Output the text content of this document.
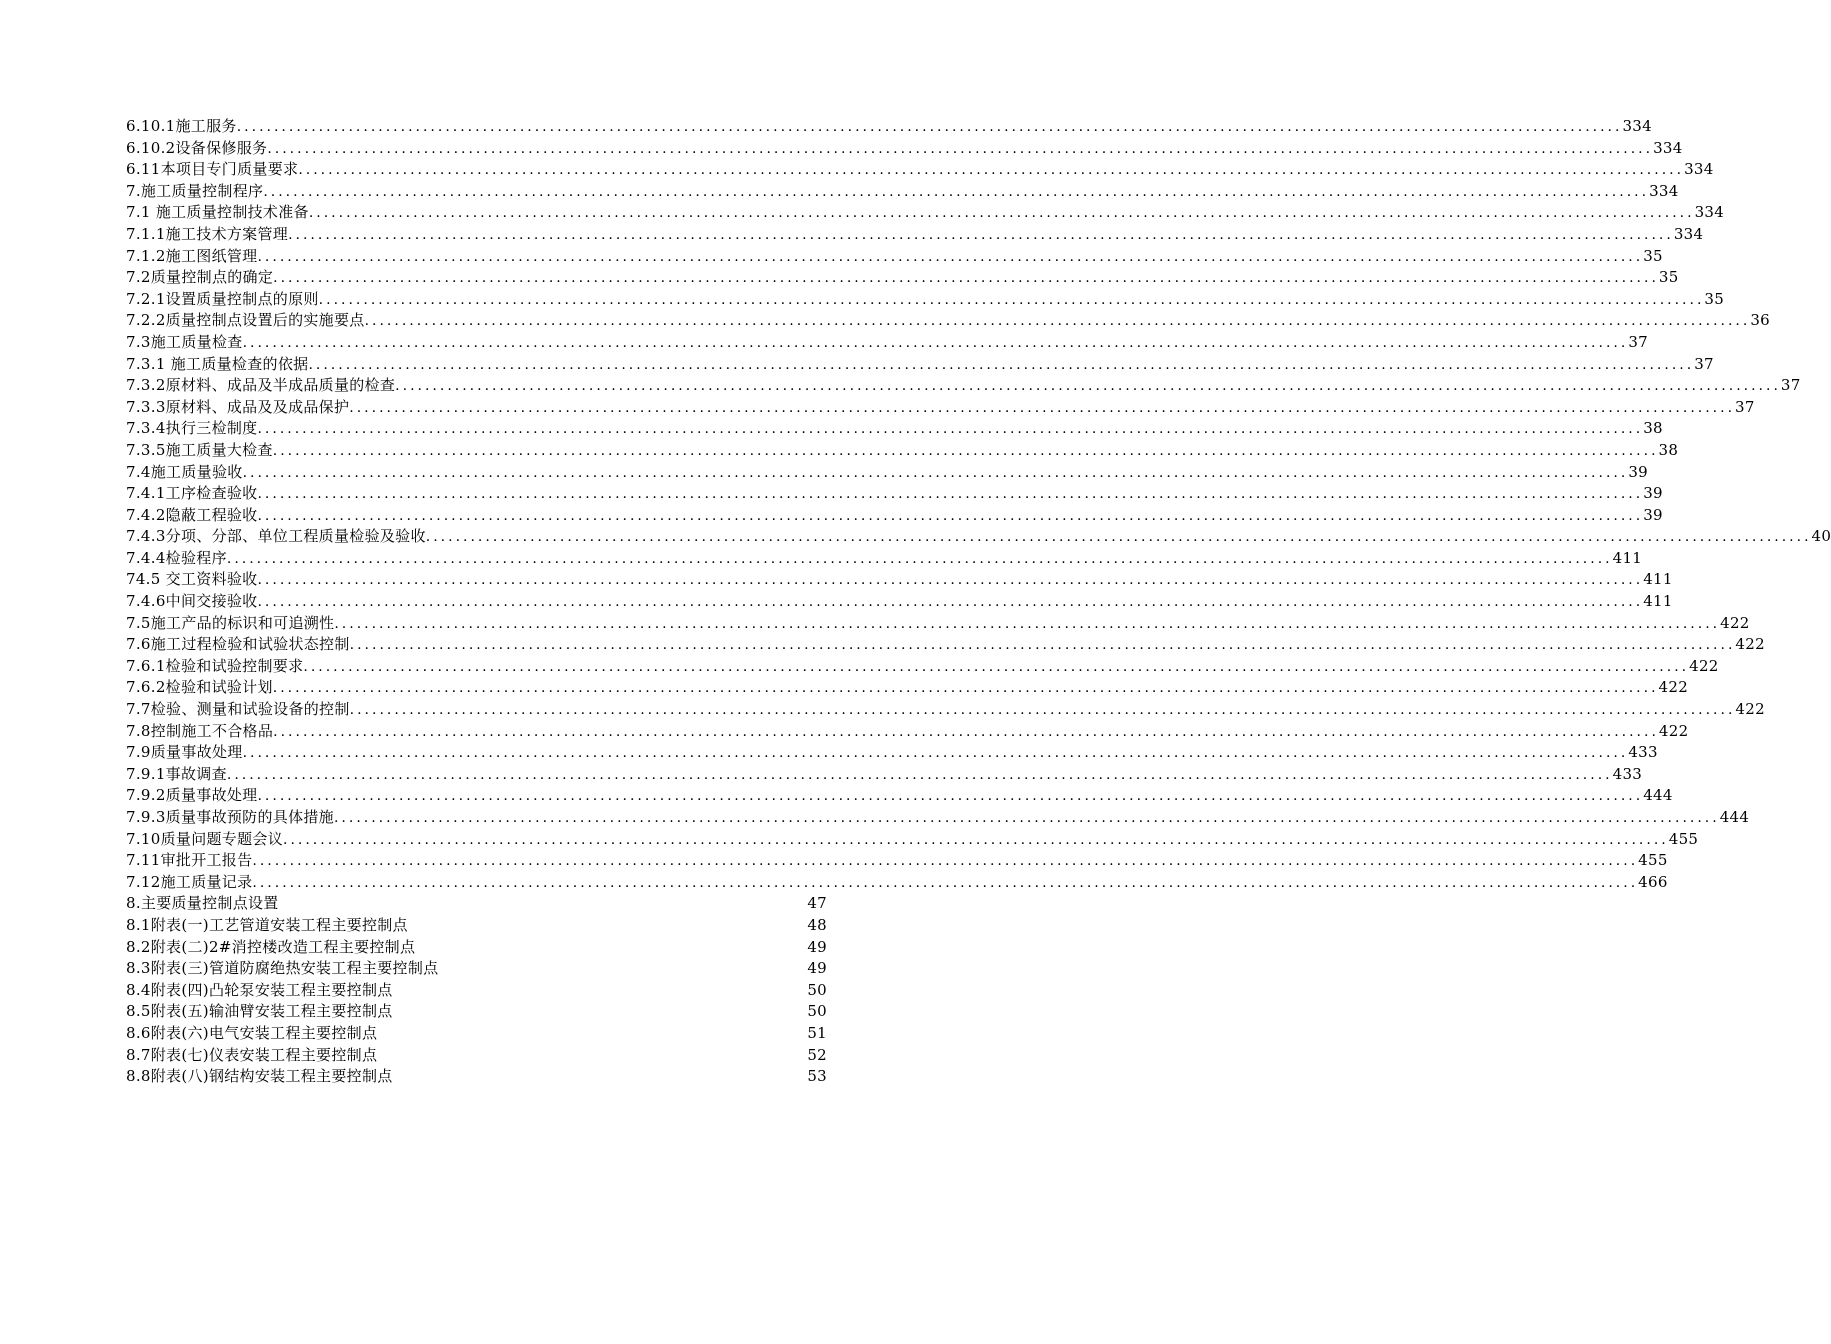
6.10.1施工服务 .....	334
6.10.2设备保修服务 .....	334
6.11本项目专门质量要求 .....	334
7.施工质量控制程序 .....	334
7.1 施工质量控制技术准备 .....	334
7.1.1施工技术方案管理 .....	334
7.1.2施工图纸管理 .....	35
7.2质量控制点的确定 .....	35
7.2.1设置质量控制点的原则 .....	35
7.2.2质量控制点设置后的实施要点 .....	36
7.3施工质量检查 .....	37
7.3.1 施工质量检查的依据 .....	37
7.3.2原材料、成品及半成品质量的检查 .....	37
7.3.3原材料、成品及及成品保护 .....	37
7.3.4执行三检制度 .....	38
7.3.5施工质量大检查 .....	38
7.4施工质量验收 .....	39
7.4.1工序检查验收 .....	39
7.4.2隐蔽工程验收 .....	39
7.4.3分项、分部、单位工程质量检验及验收 .....	40
7.4.4检验程序 .....	411
74.5 交工资料验收 .....	411
7.4.6中间交接验收 .....	411
7.5施工产品的标识和可追溯性 .....	422
7.6施工过程检验和试验状态控制 .....	422
7.6.1检验和试验控制要求 .....	422
7.6.2检验和试验计划 .....	422
7.7检验、测量和试验设备的控制 .....	422
7.8控制施工不合格品 .....	422
7.9质量事故处理 .....	433
7.9.1事故调查 .....	433
7.9.2质量事故处理 .....	444
7.9.3质量事故预防的具体措施 .....	444
7.10质量问题专题会议 .....	455
7.11审批开工报告 .....	455
7.12施工质量记录 .....	466
8.主要质量控制点设置	47
8.1附表(一)工艺管道安装工程主要控制点	48
8.2附表(二)2#消控楼改造工程主要控制点	49
8.3附表(三)管道防腐绝热安装工程主要控制点	49
8.4附表(四)凸轮泵安装工程主要控制点	50
8.5附表(五)输油臂安装工程主要控制点	50
8.6附表(六)电气安装工程主要控制点	51
8.7附表(七)仪表安装工程主要控制点	52
8.8附表(八)钢结构安装工程主要控制点	53
